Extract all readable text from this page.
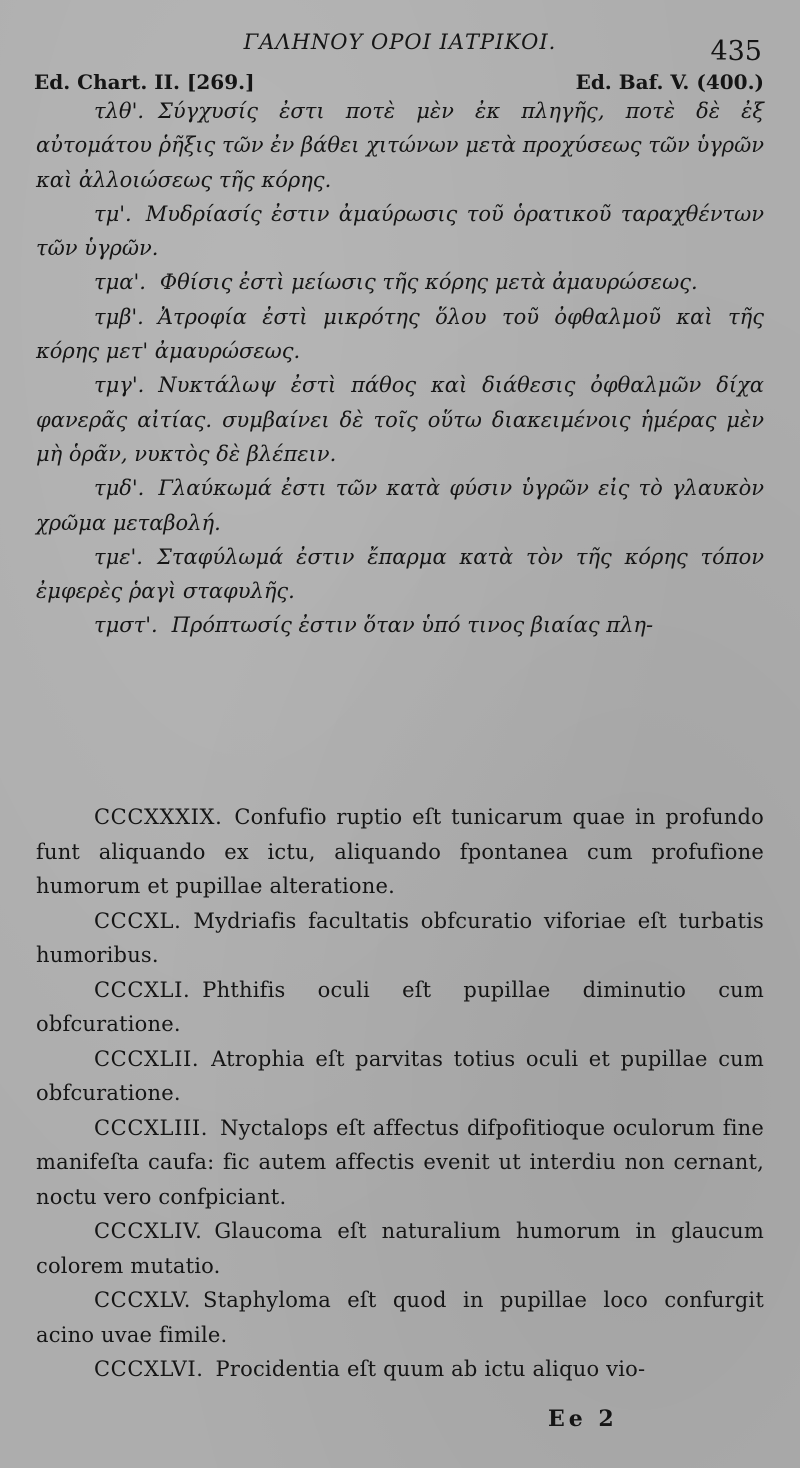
ΓΑΛΗΝΟΥ ΟΡΟΙ ΙΑΤΡΙΚΟΙ.	435
Ed. Chart. II. [269.]	Ed. Baf. V. (400.)

τλθ'. Σύγχυσίς ἐστι ποτὲ μὲν ἐκ πληγῆς, ποτὲ δὲ ἐξ αὐτομάτου ῥῆξις τῶν ἐν βάθει χιτώνων μετὰ προχύσεως τῶν ὑγρῶν καὶ ἀλλοιώσεως τῆς κόρης.

τμ'. Μυδρίασίς ἐστιν ἀμαύρωσις τοῦ ὁρατικοῦ ταραχθέντων τῶν ὑγρῶν.

τμα'. Φθίσις ἐστὶ μείωσις τῆς κόρης μετὰ ἀμαυρώσεως.

τμβ'. Ἀτροφία ἐστὶ μικρότης ὅλου τοῦ ὀφθαλμοῦ καὶ τῆς κόρης μετ' ἀμαυρώσεως.

τμγ'. Νυκτάλωψ ἐστὶ πάθος καὶ διάθεσις ὀφθαλμῶν δίχα φανερᾶς αἰτίας. συμβαίνει δὲ τοῖς οὕτω διακειμένοις ἡμέρας μὲν μὴ ὁρᾶν, νυκτὸς δὲ βλέπειν.

τμδ'. Γλαύκωμά ἐστι τῶν κατὰ φύσιν ὑγρῶν εἰς τὸ γλαυκὸν χρῶμα μεταβολή.

τμε'. Σταφύλωμά ἐστιν ἔπαρμα κατὰ τὸν τῆς κόρης τόπον ἐμφερὲς ῥαγὶ σταφυλῆς.

τμστ'. Πρόπτωσίς ἐστιν ὅταν ὑπό τινος βιαίας πλη-

CCCXXXIX. Confufio ruptio eſt tunicarum quae in profundo funt aliquando ex ictu, aliquando fpontanea cum profufione humorum et pupillae alteratione.

CCCXL. Mydriafis facultatis obfcuratio viforiae eſt turbatis humoribus.

CCCXLI. Phthifis oculi eſt pupillae diminutio cum obfcuratione.

CCCXLII. Atrophia eſt parvitas totius oculi et pupillae cum obfcuratione.

CCCXLIII. Nyctalops eſt affectus difpofitioque oculorum fine manifeſta caufa: fic autem affectis evenit ut interdiu non cernant, noctu vero confpiciant.

CCCXLIV. Glaucoma eſt naturalium humorum in glaucum colorem mutatio.

CCCXLV. Staphyloma eſt quod in pupillae loco confurgit acino uvae fimile.

CCCXLVI. Procidentia eſt quum ab ictu aliquo vio-

Ee 2
